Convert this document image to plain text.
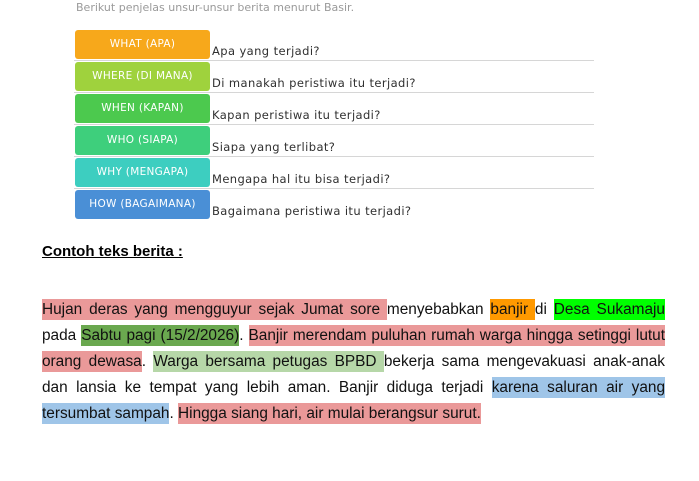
Berikut penjelas unsur-unsur berita menurut Basir.
WHAT (APA)	Apa yang terjadi?
WHERE (DI MANA)	Di manakah peristiwa itu terjadi?
WHEN (KAPAN)	Kapan peristiwa itu terjadi?
WHO (SIAPA)	Siapa yang terlibat?
WHY (MENGAPA)	Mengapa hal itu bisa terjadi?
HOW (BAGAIMANA)	Bagaimana peristiwa itu terjadi?
Contoh teks berita :

Hujan deras yang mengguyur sejak Jumat sore menyebabkan banjir di Desa Sukamaju pada Sabtu pagi (15/2/2026). Banjir merendam puluhan rumah warga hingga setinggi lutut orang dewasa. Warga bersama petugas BPBD bekerja sama mengevakuasi anak-anak dan lansia ke tempat yang lebih aman. Banjir diduga terjadi karena saluran air yang tersumbat sampah. Hingga siang hari, air mulai berangsur surut.
